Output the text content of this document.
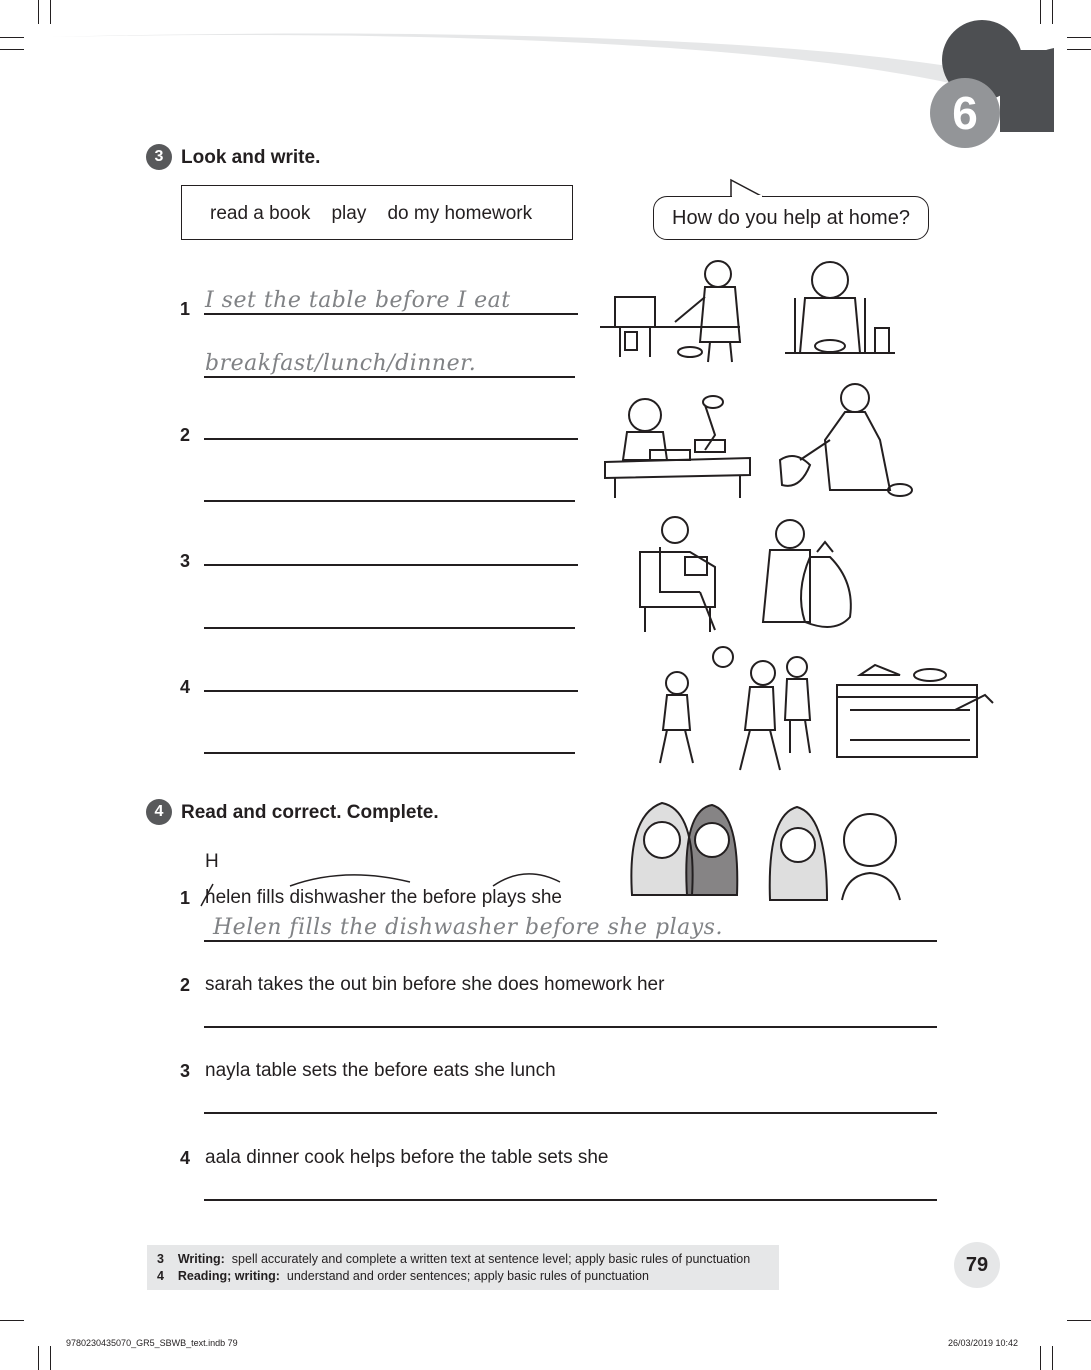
6
3 Look and write.
read a book play do my homework	How do you help at home?
1 I set the table before I eat
breakfast/lunch/dinner.
2
3
4
4 Read and correct. Complete.
H
1 helen fills dishwasher the before plays she
Helen fills the dishwasher before she plays.
2 sarah takes the out bin before she does homework her
3 nayla table sets the before eats she lunch
4 aala dinner cook helps before the table sets she
3 Writing: spell accurately and complete a written text at sentence level; apply basic rules of punctuation
4 Reading; writing: understand and order sentences; apply basic rules of punctuation	79
9780230435070_GR5_SBWB_text.indb 79	26/03/2019 10:42
